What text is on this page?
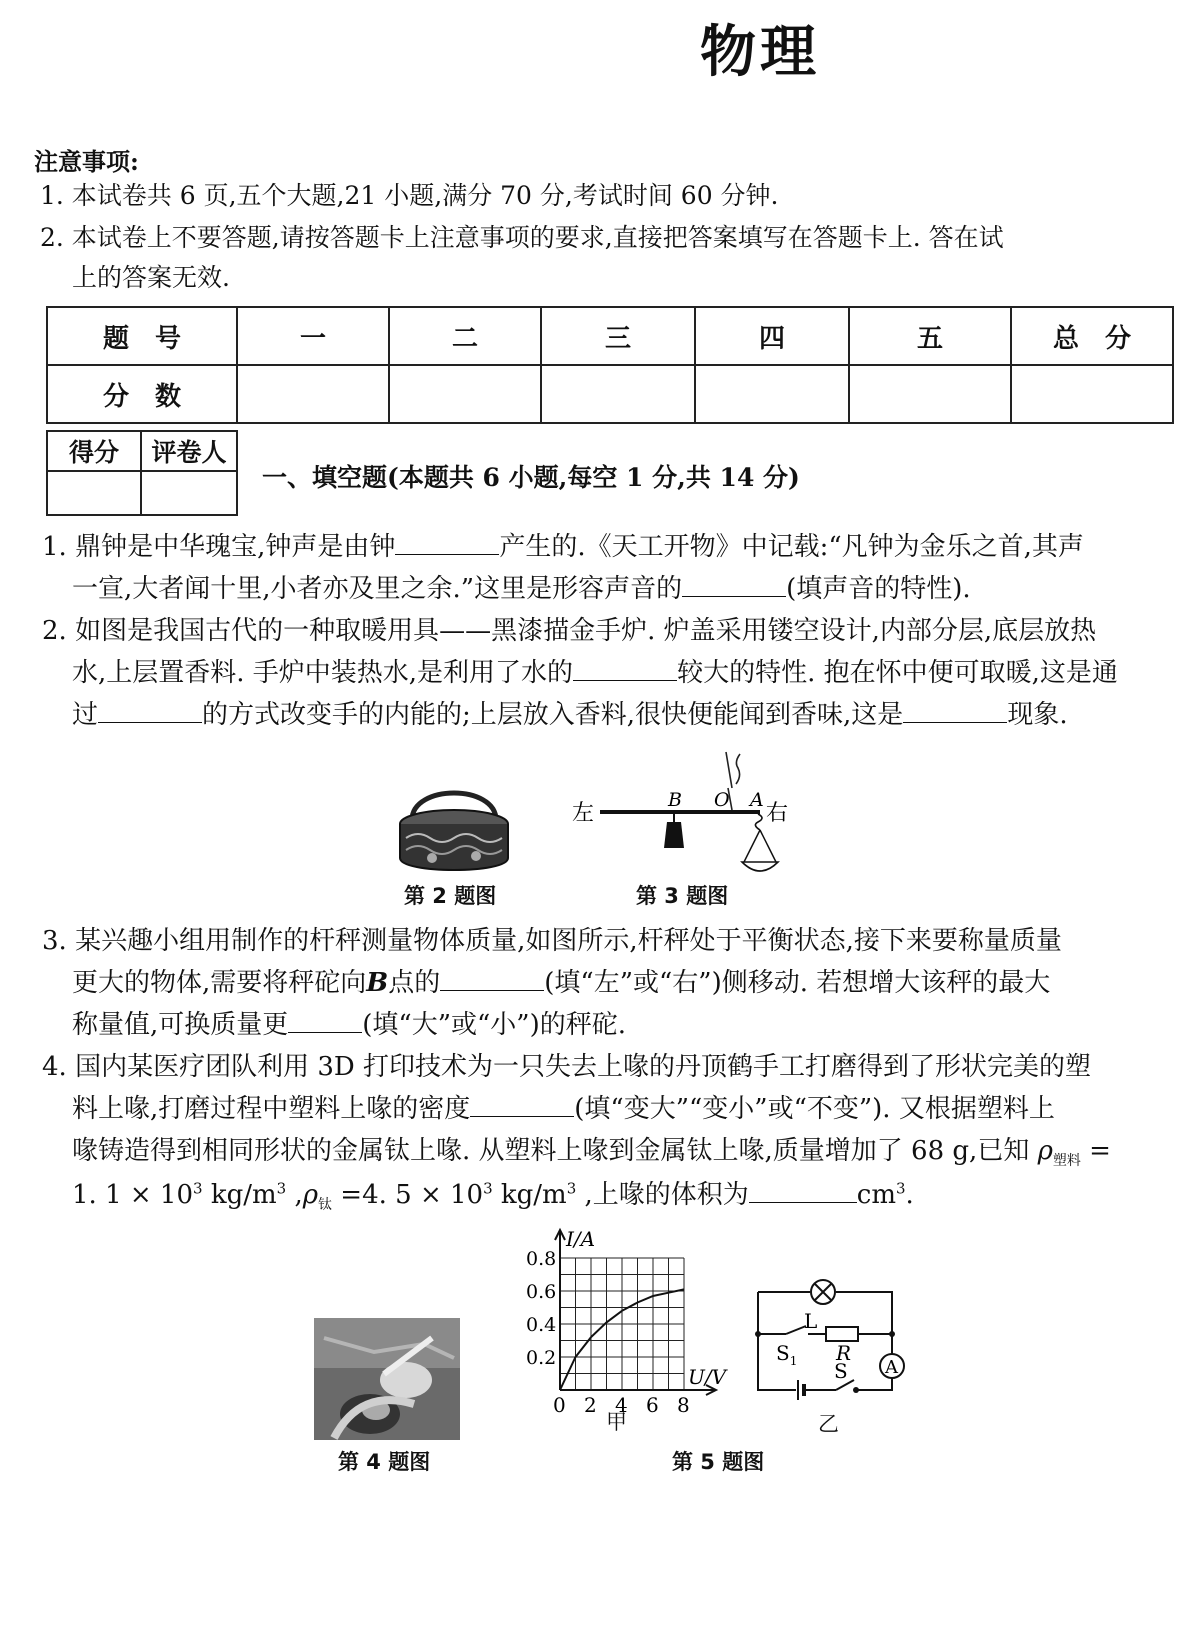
物理
注意事项:
1. 本试卷共 6 页,五个大题,21 小题,满分 70 分,考试时间 60 分钟.
2. 本试卷上不要答题,请按答题卡上注意事项的要求,直接把答案填写在答题卡上. 答在试
上的答案无效.
题　号	一	二	三	四	五	总　分
分　数						
得分	评卷人

一、填空题(本题共 6 小题,每空 1 分,共 14 分)
1. 鼎钟是中华瑰宝,钟声是由钟	产生的.《天工开物》中记载:“凡钟为金乐之首,其声
一宣,大者闻十里,小者亦及里之余.”这里是形容声音的	(填声音的特性).
2. 如图是我国古代的一种取暖用具——黑漆描金手炉. 炉盖采用镂空设计,内部分层,底层放热
水,上层置香料. 手炉中装热水,是利用了水的	较大的特性. 抱在怀中便可取暖,这是通
过	的方式改变手的内能的;上层放入香料,很快便能闻到香味,这是	现象.
第 2 题图
左	右
B O A
第 3 题图
3. 某兴趣小组用制作的杆秤测量物体质量,如图所示,杆秤处于平衡状态,接下来要称量质量
更大的物体,需要将秤砣向B点的	(填“左”或“右”)侧移动. 若想增大该秤的最大
称量值,可换质量更	(填“大”或“小”)的秤砣.
4. 国内某医疗团队利用 3D 打印技术为一只失去上喙的丹顶鹤手工打磨得到了形状完美的塑
料上喙,打磨过程中塑料上喙的密度	(填“变大”“变小”或“不变”). 又根据塑料上
喙铸造得到相同形状的金属钛上喙. 从塑料上喙到金属钛上喙,质量增加了 68 g,已知 $\rho_{塑料}$ =
1. $1 \times 10^3$ $kg/m^3$ $,\rho_钛 =4$. $5 \times 10^3$ $kg/m^3$ ,上喙的体积为	$cm^3$.
第 4 题图
0 2 4 6 8
0.2
0.4
0.6
0.8
I/A
U/V
甲
L
$S_1$ R
A
S
乙
第 5 题图
